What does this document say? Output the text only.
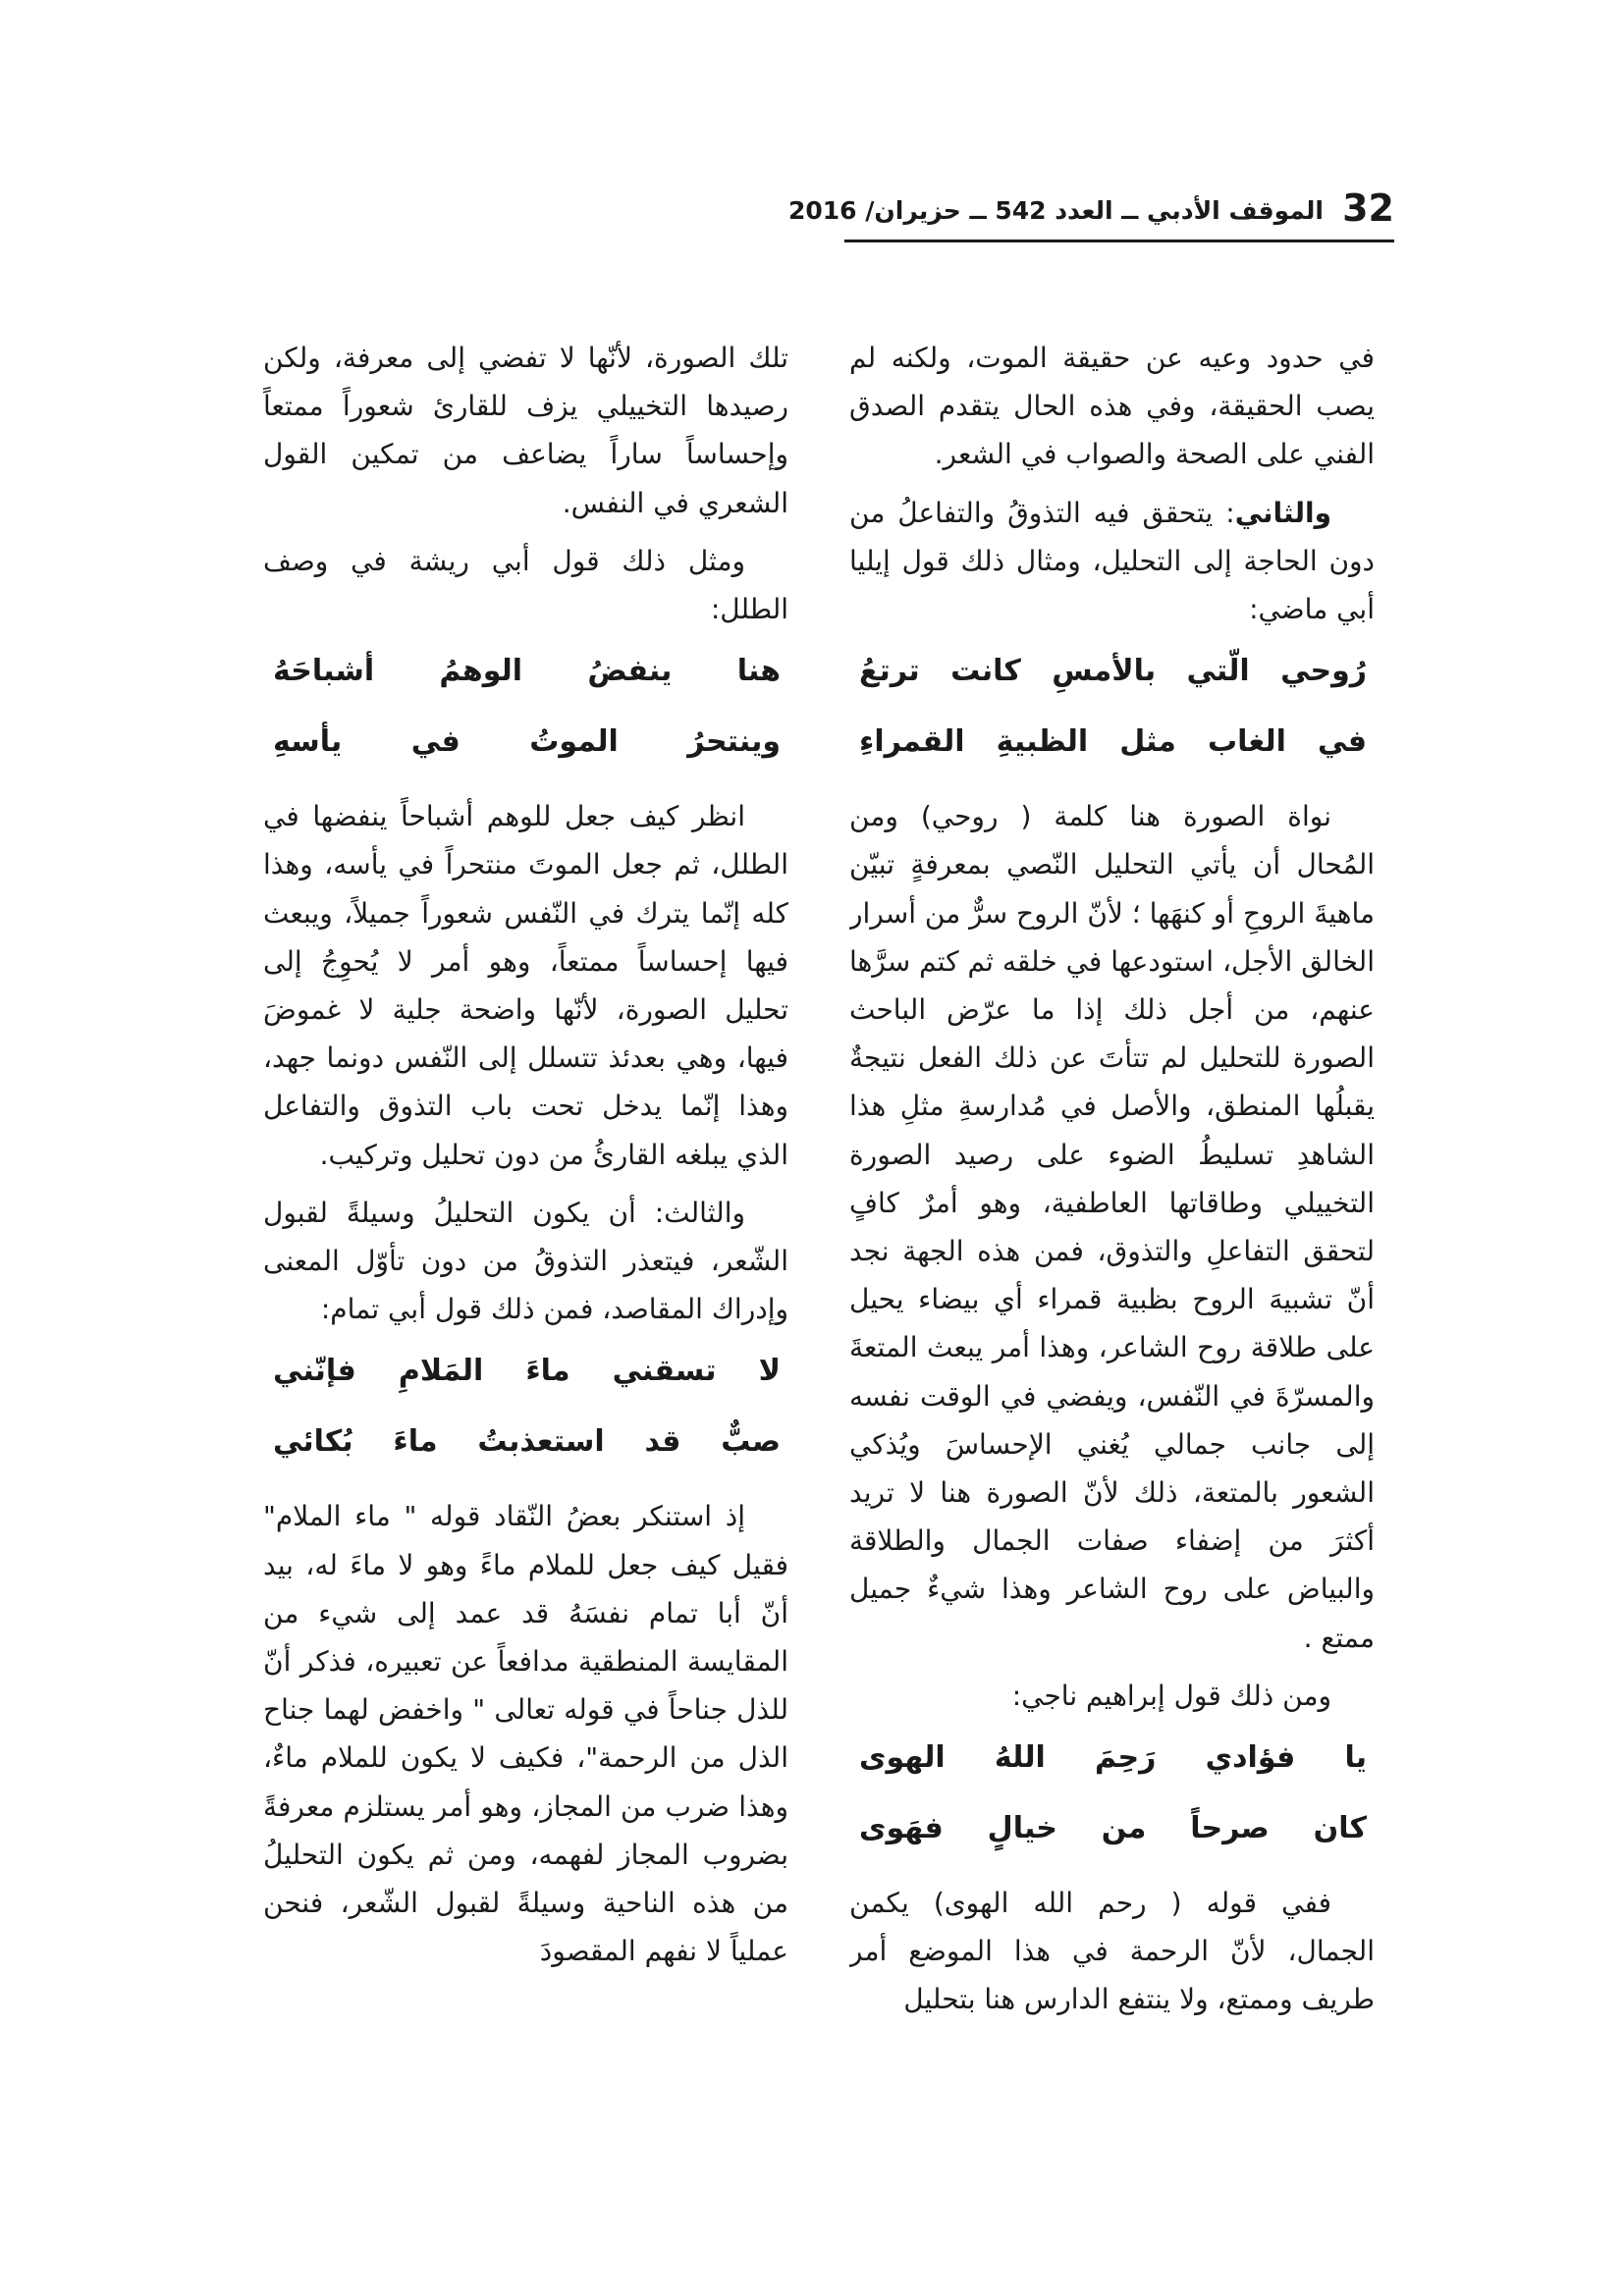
32
الموقف الأدبي ــ العدد 542 ــ حزيران/ 2016

في حدود وعيه عن حقيقة الموت، ولكنه لم يصب الحقيقة، وفي هذه الحال يتقدم الصدق الفني على الصحة والصواب في الشعر.

والثاني: يتحقق فيه التذوقُ والتفاعلُ من دون الحاجة إلى التحليل، ومثال ذلك قول إيليا أبي ماضي:

رُوحي الّتي بالأمسِ كانت ترتعُ
في الغاب مثل الظبيةِ القمراءِ

نواة الصورة هنا كلمة ( روحي) ومن المُحال أن يأتي التحليل النّصي بمعرفةٍ تبيّن ماهيةَ الروحِ أو كنهَها ؛ لأنّ الروح سرٌّ من أسرار الخالق الأجل، استودعها في خلقه ثم كتم سرَّها عنهم، من أجل ذلك إذا ما عرّض الباحث الصورة للتحليل لم تتأتَ عن ذلك الفعل نتيجةٌ يقبلُها المنطق، والأصل في مُدارسةِ مثلِ هذا الشاهدِ تسليطُ الضوء على رصيد الصورة التخييلي وطاقاتها العاطفية، وهو أمرٌ كافٍ لتحقق التفاعلِ والتذوق، فمن هذه الجهة نجد أنّ تشبيهَ الروح بظبية قمراء أي بيضاء يحيل على طلاقة روح الشاعر، وهذا أمر يبعث المتعةَ والمسرّةَ في النّفس، ويفضي في الوقت نفسه إلى جانب جمالي يُغني الإحساسَ ويُذكي الشعور بالمتعة، ذلك لأنّ الصورة هنا لا تريد أكثرَ من إضفاء صفات الجمال والطلاقة والبياض على روح الشاعر وهذا شيءٌ جميل ممتع .

ومن ذلك قول إبراهيم ناجي:

يا فؤادي رَحِمَ اللهُ الهوى
كان صرحاً من خيالٍ فهَوى

ففي قوله ( رحم الله الهوى) يكمن الجمال، لأنّ الرحمة في هذا الموضع أمر طريف وممتع، ولا ينتفع الدارس هنا بتحليل

تلك الصورة، لأنّها لا تفضي إلى معرفة، ولكن رصيدها التخييلي يزف للقارئ شعوراً ممتعاً وإحساساً ساراً يضاعف من تمكين القول الشعري في النفس.

ومثل ذلك قول أبي ريشة في وصف الطلل:

هنا ينفضُ الوهمُ أشباحَهُ
وينتحرُ الموتُ في يأسهِ

انظر كيف جعل للوهم أشباحاً ينفضها في الطلل، ثم جعل الموتَ منتحراً في يأسه، وهذا كله إنّما يترك في النّفس شعوراً جميلاً، ويبعث فيها إحساساً ممتعاً، وهو أمر لا يُحوِجُ إلى تحليل الصورة، لأنّها واضحة جلية لا غموضَ فيها، وهي بعدئذ تتسلل إلى النّفس دونما جهد، وهذا إنّما يدخل تحت باب التذوق والتفاعل الذي يبلغه القارئُ من دون تحليل وتركيب.

والثالث: أن يكون التحليلُ وسيلةً لقبول الشّعر، فيتعذر التذوقُ من دون تأوّل المعنى وإدراك المقاصد، فمن ذلك قول أبي تمام:

لا تسقني ماءَ المَلامِ فإنّني
صبٌّ قد استعذبتُ ماءَ بُكائي

إذ استنكر بعضُ النّقاد قوله " ماء الملام" فقيل كيف جعل للملام ماءً وهو لا ماءَ له، بيد أنّ أبا تمام نفسَهُ قد عمد إلى شيء من المقايسة المنطقية مدافعاً عن تعبيره، فذكر أنّ للذل جناحاً في قوله تعالى " واخفض لهما جناح الذل من الرحمة"، فكيف لا يكون للملام ماءٌ، وهذا ضرب من المجاز، وهو أمر يستلزم معرفةً بضروب المجاز لفهمه، ومن ثم يكون التحليلُ من هذه الناحية وسيلةً لقبول الشّعر، فنحن عملياً لا نفهم المقصودَ
